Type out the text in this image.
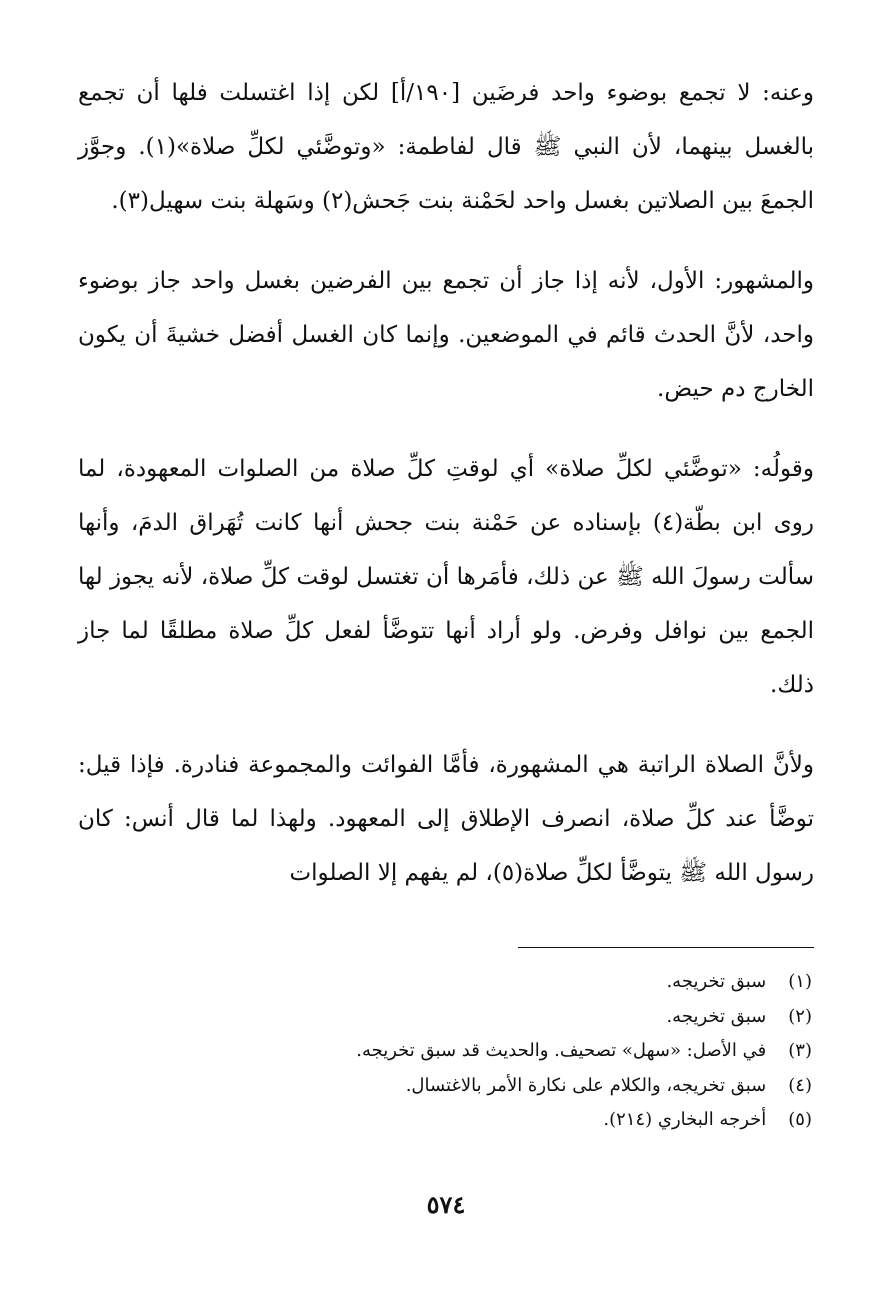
وعنه: لا تجمع بوضوء واحد فرضَين [١٩٠/أ] لكن إذا اغتسلت فلها أن تجمع بالغسل بينهما، لأن النبي ﷺ قال لفاطمة: «وتوضَّئي لكلِّ صلاة»(١). وجوَّز الجمعَ بين الصلاتين بغسل واحد لحَمْنة بنت جَحش(٢) وسَهلة بنت سهيل(٣).

والمشهور: الأول، لأنه إذا جاز أن تجمع بين الفرضين بغسل واحد جاز بوضوء واحد، لأنَّ الحدث قائم في الموضعين. وإنما كان الغسل أفضل خشيةَ أن يكون الخارج دم حيض.

وقولُه: «توضَّئي لكلِّ صلاة» أي لوقتِ كلِّ صلاة من الصلوات المعهودة، لما روى ابن بطّة(٤) بإسناده عن حَمْنة بنت جحش أنها كانت تُهَراق الدمَ، وأنها سألت رسولَ الله ﷺ عن ذلك، فأمَرها أن تغتسل لوقت كلِّ صلاة، لأنه يجوز لها الجمع بين نوافل وفرض. ولو أراد أنها تتوضَّأ لفعل كلِّ صلاة مطلقًا لما جاز ذلك.

ولأنَّ الصلاة الراتبة هي المشهورة، فأمَّا الفوائت والمجموعة فنادرة. فإذا قيل: توضَّأ عند كلِّ صلاة، انصرف الإطلاق إلى المعهود. ولهذا لما قال أنس: كان رسول الله ﷺ يتوضَّأ لكلِّ صلاة(٥)، لم يفهم إلا الصلوات

(١) سبق تخريجه.
(٢) سبق تخريجه.
(٣) في الأصل: «سهل» تصحيف. والحديث قد سبق تخريجه.
(٤) سبق تخريجه، والكلام على نكارة الأمر بالاغتسال.
(٥) أخرجه البخاري (٢١٤).
٥٧٤
